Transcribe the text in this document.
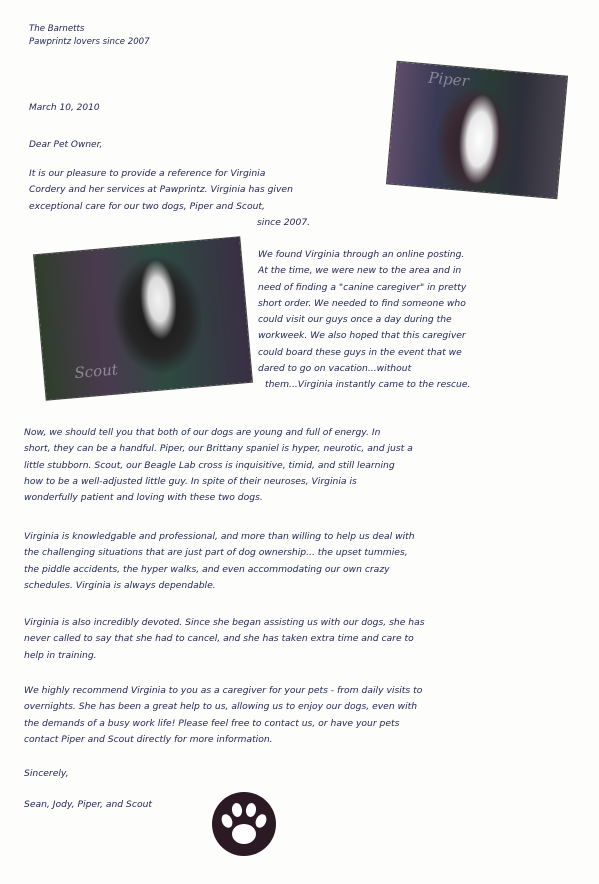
The Barnetts
Pawprintz lovers since 2007
March 10, 2010
Dear Pet Owner,
Piper
It is our pleasure to provide a reference for Virginia
Cordery and her services at Pawprintz. Virginia has given
exceptional care for our two dogs, Piper and Scout,
since 2007.
Scout
We found Virginia through an online posting.
At the time, we were new to the area and in
need of finding a "canine caregiver" in pretty
short order. We needed to find someone who
could visit our guys once a day during the
workweek. We also hoped that this caregiver
could board these guys in the event that we
dared to go on vacation...without
them...Virginia instantly came to the rescue.
Now, we should tell you that both of our dogs are young and full of energy. In
short, they can be a handful. Piper, our Brittany spaniel is hyper, neurotic, and just a
little stubborn. Scout, our Beagle Lab cross is inquisitive, timid, and still learning
how to be a well-adjusted little guy. In spite of their neuroses, Virginia is
wonderfully patient and loving with these two dogs.
Virginia is knowledgable and professional, and more than willing to help us deal with
the challenging situations that are just part of dog ownership... the upset tummies,
the piddle accidents, the hyper walks, and even accommodating our own crazy
schedules. Virginia is always dependable.
Virginia is also incredibly devoted. Since she began assisting us with our dogs, she has
never called to say that she had to cancel, and she has taken extra time and care to
help in training.
We highly recommend Virginia to you as a caregiver for your pets - from daily visits to
overnights. She has been a great help to us, allowing us to enjoy our dogs, even with
the demands of a busy work life! Please feel free to contact us, or have your pets
contact Piper and Scout directly for more information.
Sincerely,
Sean, Jody, Piper, and Scout
